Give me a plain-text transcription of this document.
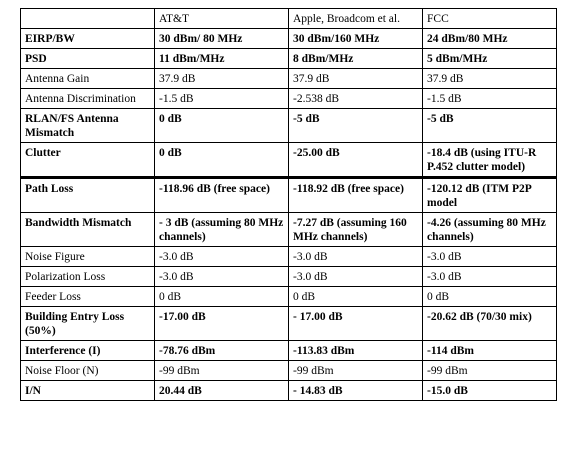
	AT&T	Apple, Broadcom et al.	FCC
EIRP/BW	30 dBm/ 80 MHz	30 dBm/160 MHz	24 dBm/80 MHz
PSD	11 dBm/MHz	8 dBm/MHz	5 dBm/MHz
Antenna Gain	37.9 dB	37.9 dB	37.9 dB
Antenna Discrimination	-1.5 dB	-2.538 dB	-1.5 dB
RLAN/FS Antenna Mismatch	0 dB	-5 dB	-5 dB
Clutter	0 dB	-25.00 dB	-18.4 dB (using ITU-R P.452 clutter model)

Path Loss	-118.96 dB (free space)	-118.92 dB (free space)	-120.12 dB (ITM P2P model
Bandwidth Mismatch	- 3 dB (assuming 80 MHz channels)	-7.27 dB (assuming 160 MHz channels)	-4.26 (assuming 80 MHz channels)
Noise Figure	-3.0 dB	-3.0 dB	-3.0 dB
Polarization Loss	-3.0 dB	-3.0 dB	-3.0 dB
Feeder Loss	0 dB	0 dB	0 dB
Building Entry Loss (50%)	-17.00 dB	- 17.00 dB	-20.62 dB (70/30 mix)
Interference (I)	-78.76 dBm	-113.83 dBm	-114 dBm
Noise Floor (N)	-99 dBm	-99 dBm	-99 dBm
I/N	20.44 dB	- 14.83 dB	-15.0 dB
